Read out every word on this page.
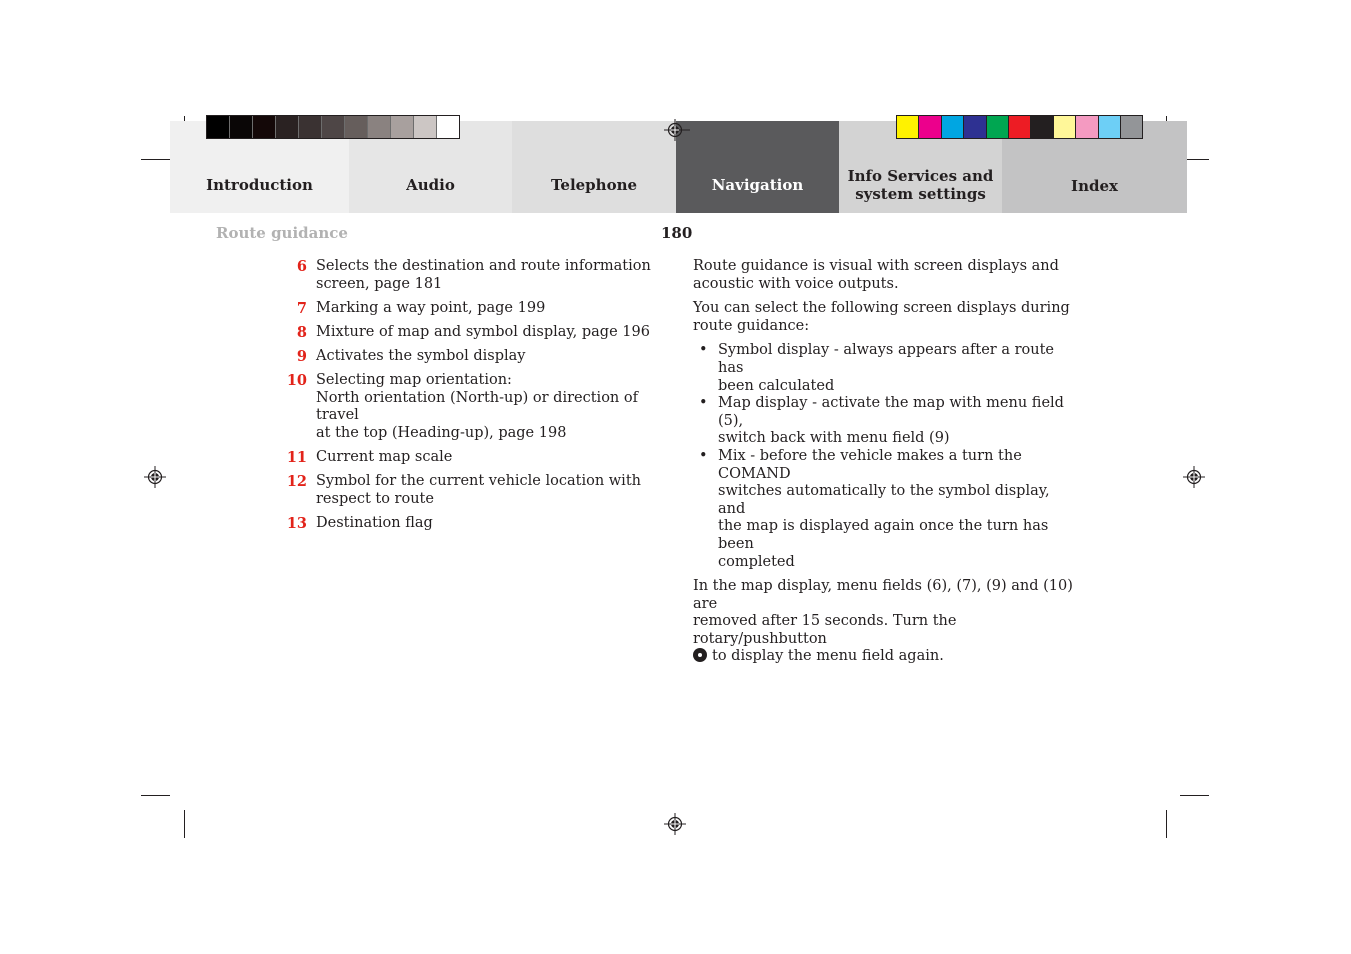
Introduction	Audio	Telephone	Navigation	Info Services and
system settings	Index
Route guidance	180
6 Selects the destination and route information
screen, page 181
7 Marking a way point, page 199
8 Mixture of map and symbol display, page 196
9 Activates the symbol display
10 Selecting map orientation:
North orientation (North-up) or direction of travel
at the top (Heading-up), page 198
11 Current map scale
12 Symbol for the current vehicle location with
respect to route
13 Destination flag

Route guidance is visual with screen displays and
acoustic with voice outputs.

You can select the following screen displays during
route guidance:

• Symbol display - always appears after a route has
been calculated
• Map display - activate the map with menu field (5),
switch back with menu field (9)
• Mix - before the vehicle makes a turn the COMAND
switches automatically to the symbol display, and
the map is displayed again once the turn has been
completed

In the map display, menu fields (6), (7), (9) and (10) are
removed after 15 seconds. Turn the rotary/pushbutton
to display the menu field again.
